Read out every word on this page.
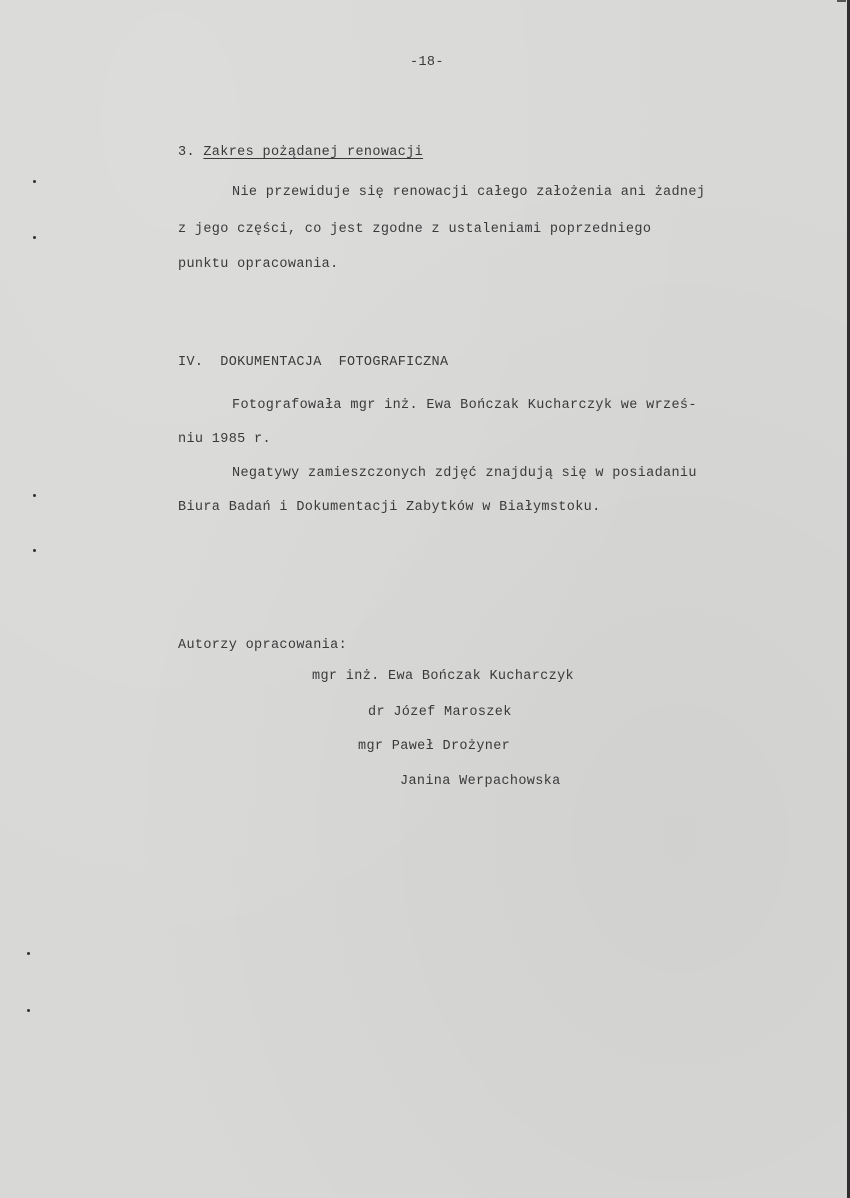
-18-
3. Zakres pożądanej renowacji
Nie przewiduje się renowacji całego założenia ani żadnej
z jego części, co jest zgodne z ustaleniami poprzedniego
punktu opracowania.
IV.  DOKUMENTACJA  FOTOGRAFICZNA
Fotografowała mgr inż. Ewa Bończak Kucharczyk we wrześ-
niu 1985 r.
Negatywy zamieszczonych zdjęć znajdują się w posiadaniu
Biura Badań i Dokumentacji Zabytków w Białymstoku.
Autorzy opracowania:
mgr inż. Ewa Bończak Kucharczyk
dr Józef Maroszek
mgr Paweł Drożyner
Janina Werpachowska
